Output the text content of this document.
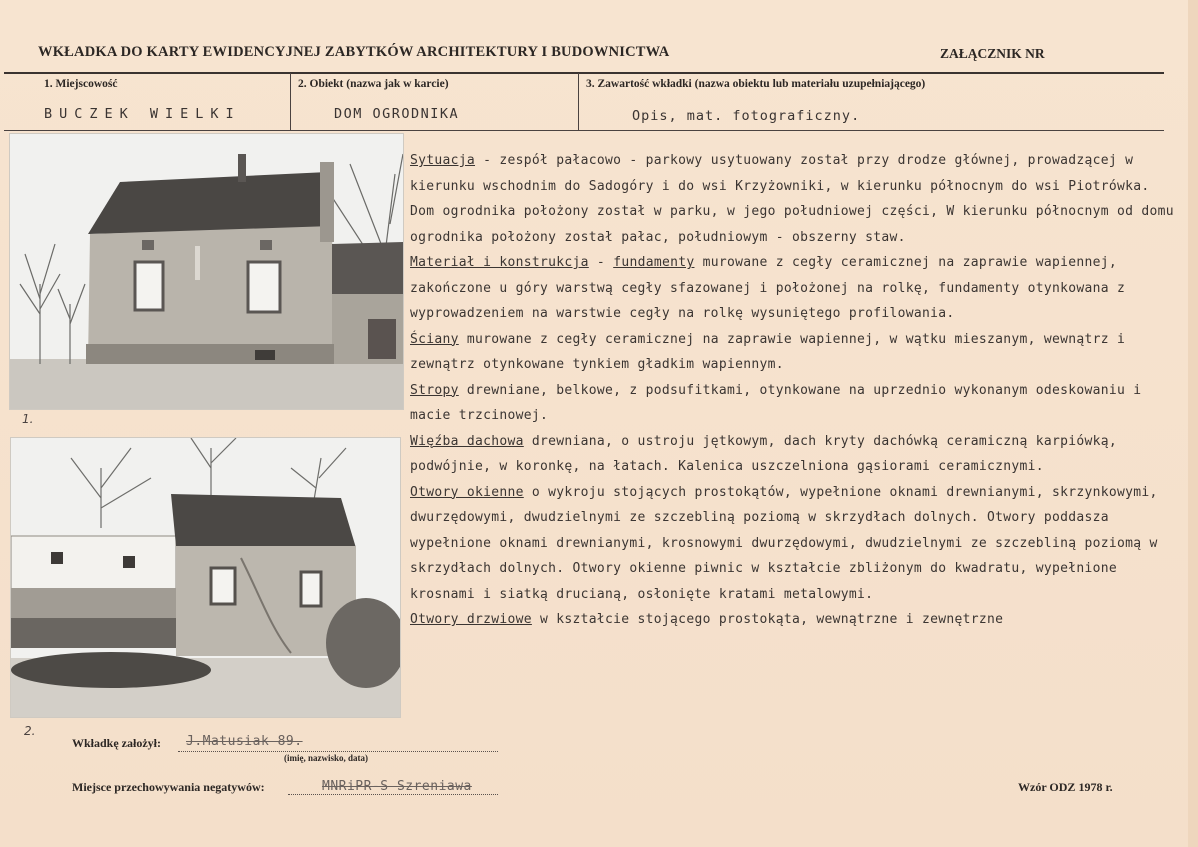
WKŁADKA DO KARTY EWIDENCYJNEJ ZABYTKÓW ARCHITEKTURY I BUDOWNICTWA	ZAŁĄCZNIK NR
1. Miejscowość
BUCZEK WIELKI
2. Obiekt (nazwa jak w karcie)
DOM OGRODNIKA
3. Zawartość wkładki (nazwa obiektu lub materiału uzupełniającego)
Opis, mat. fotograficzny.
1.
2.

Sytuacja - zespół pałacowo - parkowy usytuowany został przy drodze głównej, prowadzącej w kierunku wschodnim do Sadogóry i do wsi Krzyżowniki, w kierunku północnym do wsi Piotrówka. Dom ogrodnika położony został w parku, w jego południowej części, W kierunku północnym od domu ogrodnika położony został pałac, południowym - obszerny staw.

Materiał i konstrukcja - fundamenty murowane z cegły ceramicznej na zaprawie wapiennej, zakończone u góry warstwą cegły sfazowanej i położonej na rolkę, fundamenty otynkowana z wyprowadzeniem na warstwie cegły na rolkę wysuniętego profilowania.

Ściany murowane z cegły ceramicznej na zaprawie wapiennej, w wątku mieszanym, wewnątrz i zewnątrz otynkowane tynkiem gładkim wapiennym.

Stropy drewniane, belkowe, z podsufitkami, otynkowane na uprzednio wykonanym odeskowaniu i macie trzcinowej.

Więźba dachowa drewniana, o ustroju jętkowym, dach kryty dachówką ceramiczną karpiówką, podwójnie, w koronkę, na łatach. Kalenica uszczelniona gąsiorami ceramicznymi.

Otwory okienne o wykroju stojących prostokątów, wypełnione oknami drewnianymi, skrzynkowymi, dwurzędowymi, dwudzielnymi ze szczebliną poziomą w skrzydłach dolnych. Otwory poddasza wypełnione oknami drewnianymi, krosnowymi dwurzędowymi, dwudzielnymi ze szczebliną poziomą w skrzydłach dolnych. Otwory okienne piwnic w kształcie zbliżonym do kwadratu, wypełnione krosnami i siatką drucianą, osłonięte kratami metalowymi.

Otwory drzwiowe w kształcie stojącego prostokąta, wewnątrzne i zewnętrzne

Wkładkę założył: J.Matusiak 89.
(imię, nazwisko, data)
Miejsce przechowywania negatywów:	MNRiPR-S Szreniawa	Wzór ODZ 1978 r.
